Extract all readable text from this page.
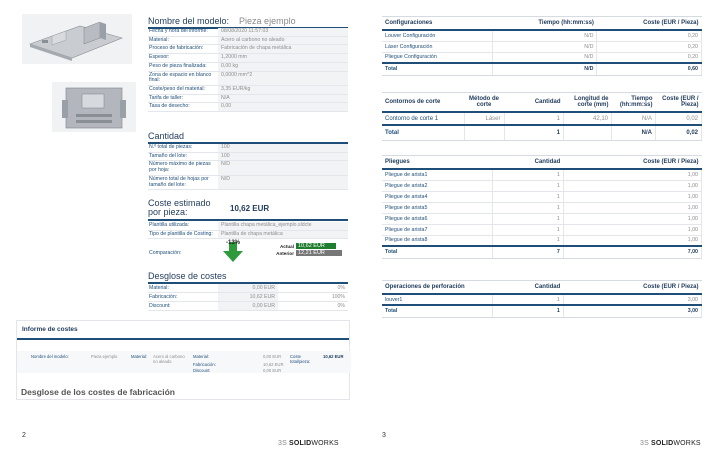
Nombre del modelo: Pieza ejemplo
Fecha y hora del informe:	08/08/2020 11:57:03
Material:	Acero al carbono no aleado
Proceso de fabricación:	Fabricación de chapa metálica
Espesor:	1,2000 mm
Peso de pieza finalizada:	0,00 kg
Zona de espacio en blanco final:
0,0000 mm^2
Coste/peso del material:	3,35 EUR/kg
Tarifa de taller:	N/A
Tasa de desecho:	0,00
Cantidad
N.º total de piezas:	100
Tamaño del lote:	100
Número máximo de piezas por hoja:
N/D
Número total de hojas por tamaño del lote:
N/D
Coste estimado por pieza:	10,62 EUR
Plantilla utilizada:	Plantilla chapa metálica_ejemplo.sldcte
Tipo de plantilla de Costing:	Plantilla de chapa metálica
Comparación:
-13%
Actual 10,62 EUR
Anterior 12,21 EUR
Desglose de costes
Material:	0,00 EUR	0%
Fabricación:	10,62 EUR	100%
Discount:	0,00 EUR	0%
Informe de costes
Nombre del modelo:	Pieza ejemplo	Material: Acero al carbono no aleado
Material:	0,00 EUR
Fabricación:	10,62 EUR
Discount:	0,00 EUR
Coste total/pieza:
10,62 EUR
Desglose de los costes de fabricación
2
3S SOLIDWORKS
Configuraciones	Tiempo (hh:mm:ss)	Coste (EUR / Pieza)
Louver Configuración	N/D	0,20
Láser Configuración	N/D	0,20
Pliegue Configuración	N/D	0,20
Total	N/D	0,60
Contornos de corte	Método de corte	Cantidad	Longitud de corte (mm)	Tiempo (hh:mm:ss)	Coste (EUR / Pieza)
Contorno de corte 1	Láser	1	42,10	N/A	0,02
Total		1		N/A	0,02
Pliegues	Cantidad	Coste (EUR / Pieza)
Pliegue de arista1	1	1,00
Pliegue de arista2	1	1,00
Pliegue de arista4	1	1,00
Pliegue de arista5	1	1,00
Pliegue de arista6	1	1,00
Pliegue de arista7	1	1,00
Pliegue de arista8	1	1,00
Total	7	7,00
Operaciones de perforación	Cantidad	Coste (EUR / Pieza)
louver1	1	3,00
Total	1	3,00
3
3S SOLIDWORKS
